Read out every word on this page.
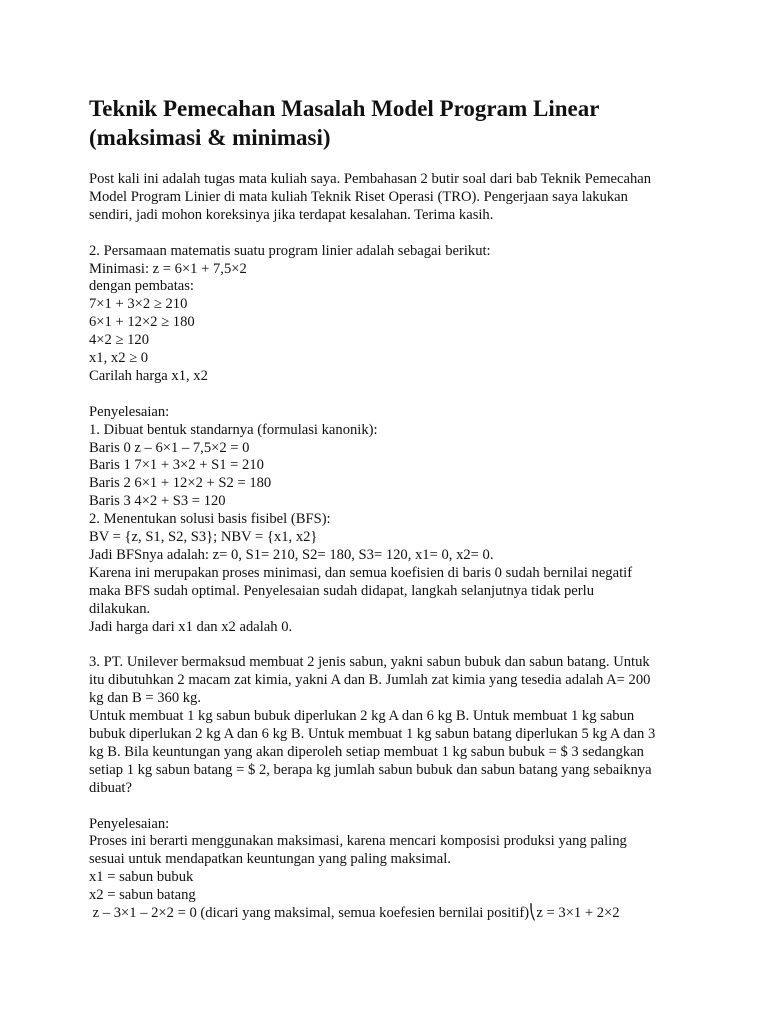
Teknik Pemecahan Masalah Model Program Linear
(maksimasi & minimasi)
Post kali ini adalah tugas mata kuliah saya. Pembahasan 2 butir soal dari bab Teknik Pemecahan
Model Program Linier di mata kuliah Teknik Riset Operasi (TRO). Pengerjaan saya lakukan
sendiri, jadi mohon koreksinya jika terdapat kesalahan. Terima kasih.
2. Persamaan matematis suatu program linier adalah sebagai berikut:
Minimasi: z = 6×1 + 7,5×2
dengan pembatas:
7×1 + 3×2 ≥ 210
6×1 + 12×2 ≥ 180
4×2 ≥ 120
x1, x2 ≥ 0
Carilah harga x1, x2
Penyelesaian:
1. Dibuat bentuk standarnya (formulasi kanonik):
Baris 0 z – 6×1 – 7,5×2 = 0
Baris 1 7×1 + 3×2 + S1 = 210
Baris 2 6×1 + 12×2 + S2 = 180
Baris 3 4×2 + S3 = 120
2. Menentukan solusi basis fisibel (BFS):
BV = {z, S1, S2, S3}; NBV = {x1, x2}
Jadi BFSnya adalah: z= 0, S1= 210, S2= 180, S3= 120, x1= 0, x2= 0.
Karena ini merupakan proses minimasi, dan semua koefisien di baris 0 sudah bernilai negatif
maka BFS sudah optimal. Penyelesaian sudah didapat, langkah selanjutnya tidak perlu
dilakukan.
Jadi harga dari x1 dan x2 adalah 0.
3. PT. Unilever bermaksud membuat 2 jenis sabun, yakni sabun bubuk dan sabun batang. Untuk
itu dibutuhkan 2 macam zat kimia, yakni A dan B. Jumlah zat kimia yang tesedia adalah A= 200
kg dan B = 360 kg.
Untuk membuat 1 kg sabun bubuk diperlukan 2 kg A dan 6 kg B. Untuk membuat 1 kg sabun
bubuk diperlukan 2 kg A dan 6 kg B. Untuk membuat 1 kg sabun batang diperlukan 5 kg A dan 3
kg B. Bila keuntungan yang akan diperoleh setiap membuat 1 kg sabun bubuk = $ 3 sedangkan
setiap 1 kg sabun batang = $ 2, berapa kg jumlah sabun bubuk dan sabun batang yang sebaiknya
dibuat?
Penyelesaian:
Proses ini berarti menggunakan maksimasi, karena mencari komposisi produksi yang paling
sesuai untuk mendapatkan keuntungan yang paling maksimal.
x1 = sabun bubuk
x2 = sabun batang
z – 3×1 – 2×2 = 0 (dicari yang maksimal, semua koefesien bernilai positif)⎝z = 3×1 + 2×2
